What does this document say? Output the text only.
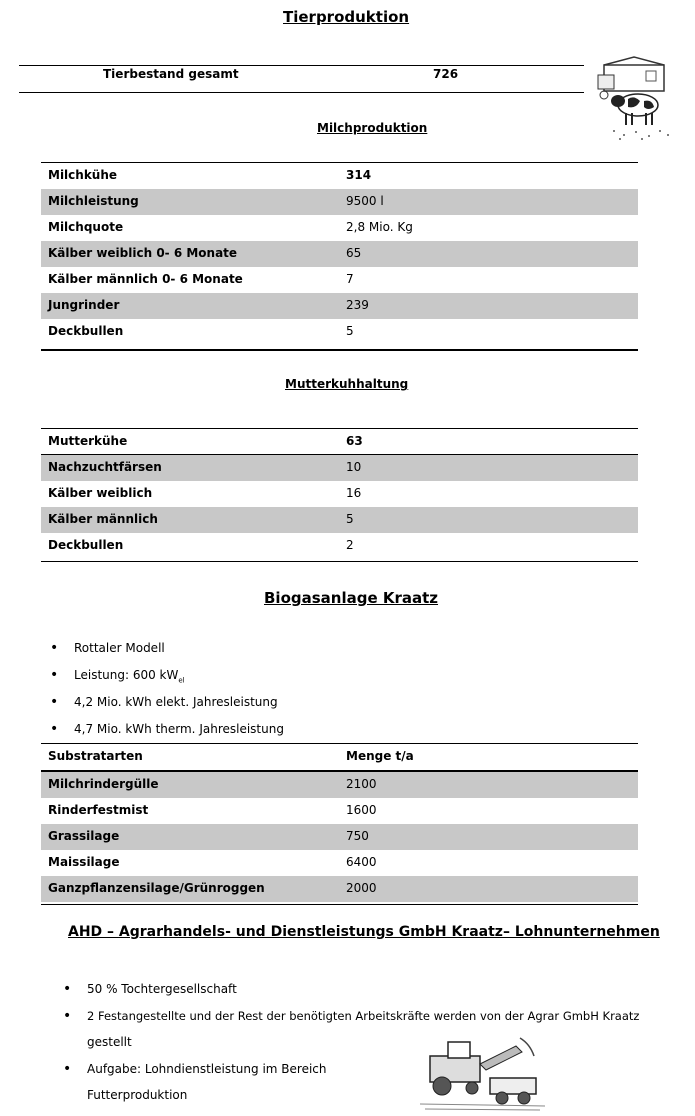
Tierproduktion
Tierbestand gesamt	726
Milchproduktion
Milchkühe	314
Milchleistung	9500 l
Milchquote	2,8 Mio. Kg
Kälber weiblich 0- 6 Monate	65
Kälber männlich 0- 6 Monate	7
Jungrinder	239
Deckbullen	5
Mutterkuhhaltung
Mutterkühe	63
Nachzuchtfärsen	10
Kälber weiblich	16
Kälber männlich	5
Deckbullen	2
Biogasanlage Kraatz
• Rottaler Modell
• Leistung: 600 $kW_{el}$
• 4,2 Mio. kWh elekt. Jahresleistung
• 4,7 Mio. kWh therm. Jahresleistung
Substratarten	Menge t/a
Milchrindergülle	2100
Rinderfestmist	1600
Grassilage	750
Maissilage	6400
Ganzpflanzensilage/Grünroggen	2000
AHD – Agrarhandels- und Dienstleistungs GmbH Kraatz– Lohnunternehmen
• 50 % Tochtergesellschaft
• 2 Festangestellte und der Rest der benötigten Arbeitskräfte werden von der Agrar GmbH Kraatz
gestellt
• Aufgabe: Lohndienstleistung im Bereich
Futterproduktion
